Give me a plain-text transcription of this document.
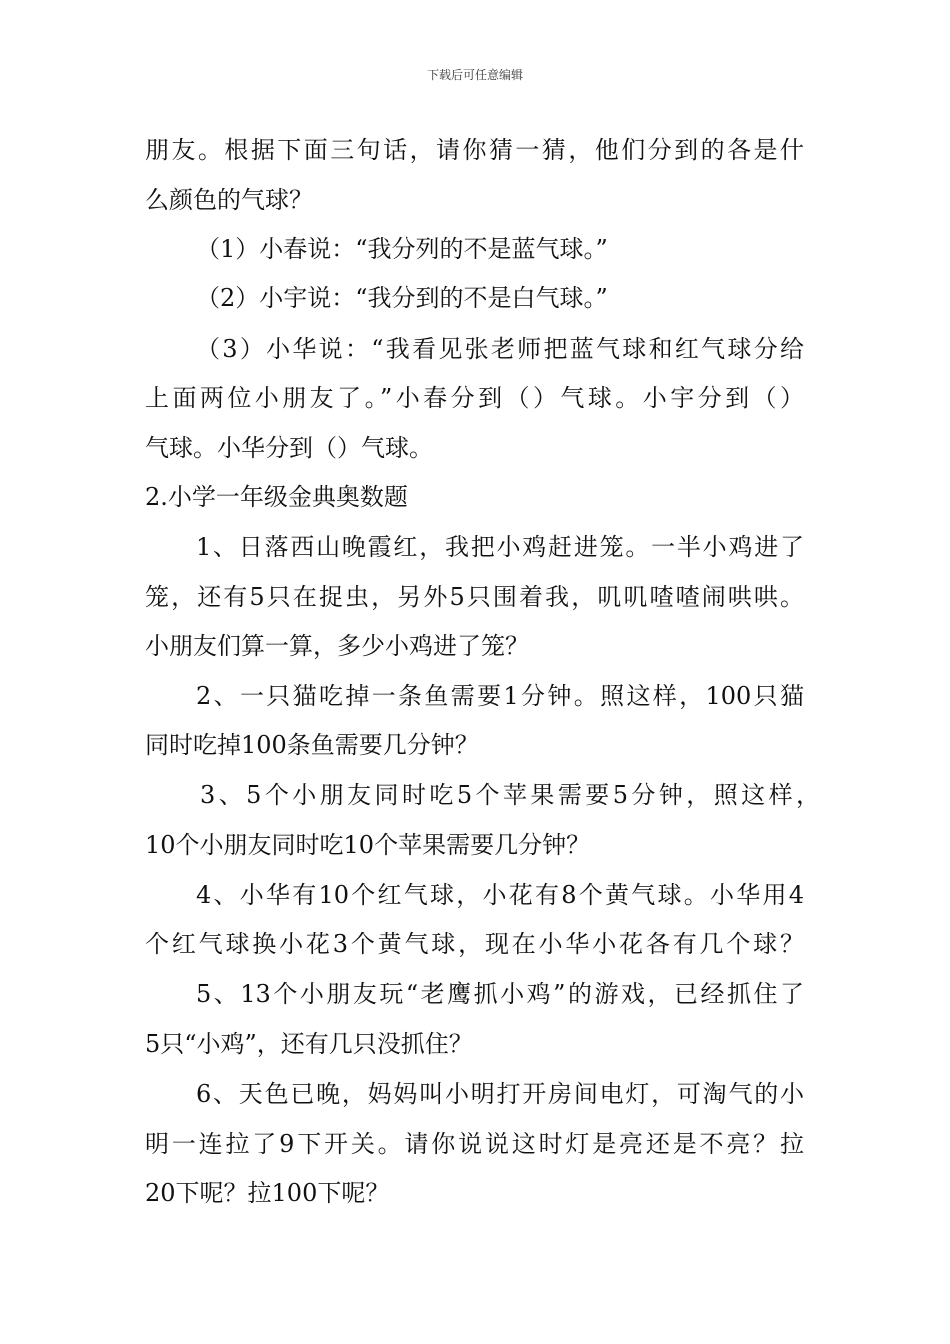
下载后可任意编辑
朋友。根据下面三句话，请你猜一猜，他们分到的各是什
么颜色的气球？
（1）小春说：“我分列的不是蓝气球。”
（2）小宇说：“我分到的不是白气球。”
（3）小华说：“我看见张老师把蓝气球和红气球分给
上面两位小朋友了。”小春分到（）气球。小宇分到（）
气球。小华分到（）气球。
2.小学一年级金典奥数题
1、日落西山晚霞红，我把小鸡赶进笼。一半小鸡进了
笼，还有5只在捉虫，另外5只围着我，叽叽喳喳闹哄哄。
小朋友们算一算，多少小鸡进了笼？
2、一只猫吃掉一条鱼需要1分钟。照这样，100只猫
同时吃掉100条鱼需要几分钟？
3、5个小朋友同时吃5个苹果需要5分钟，照这样，
10个小朋友同时吃10个苹果需要几分钟？
4、小华有10个红气球，小花有8个黄气球。小华用4
个红气球换小花3个黄气球，现在小华小花各有几个球？
5、13个小朋友玩“老鹰抓小鸡”的游戏，已经抓住了
5只“小鸡”，还有几只没抓住？
6、天色已晚，妈妈叫小明打开房间电灯，可淘气的小
明一连拉了9下开关。请你说说这时灯是亮还是不亮？拉
20下呢？拉100下呢？
